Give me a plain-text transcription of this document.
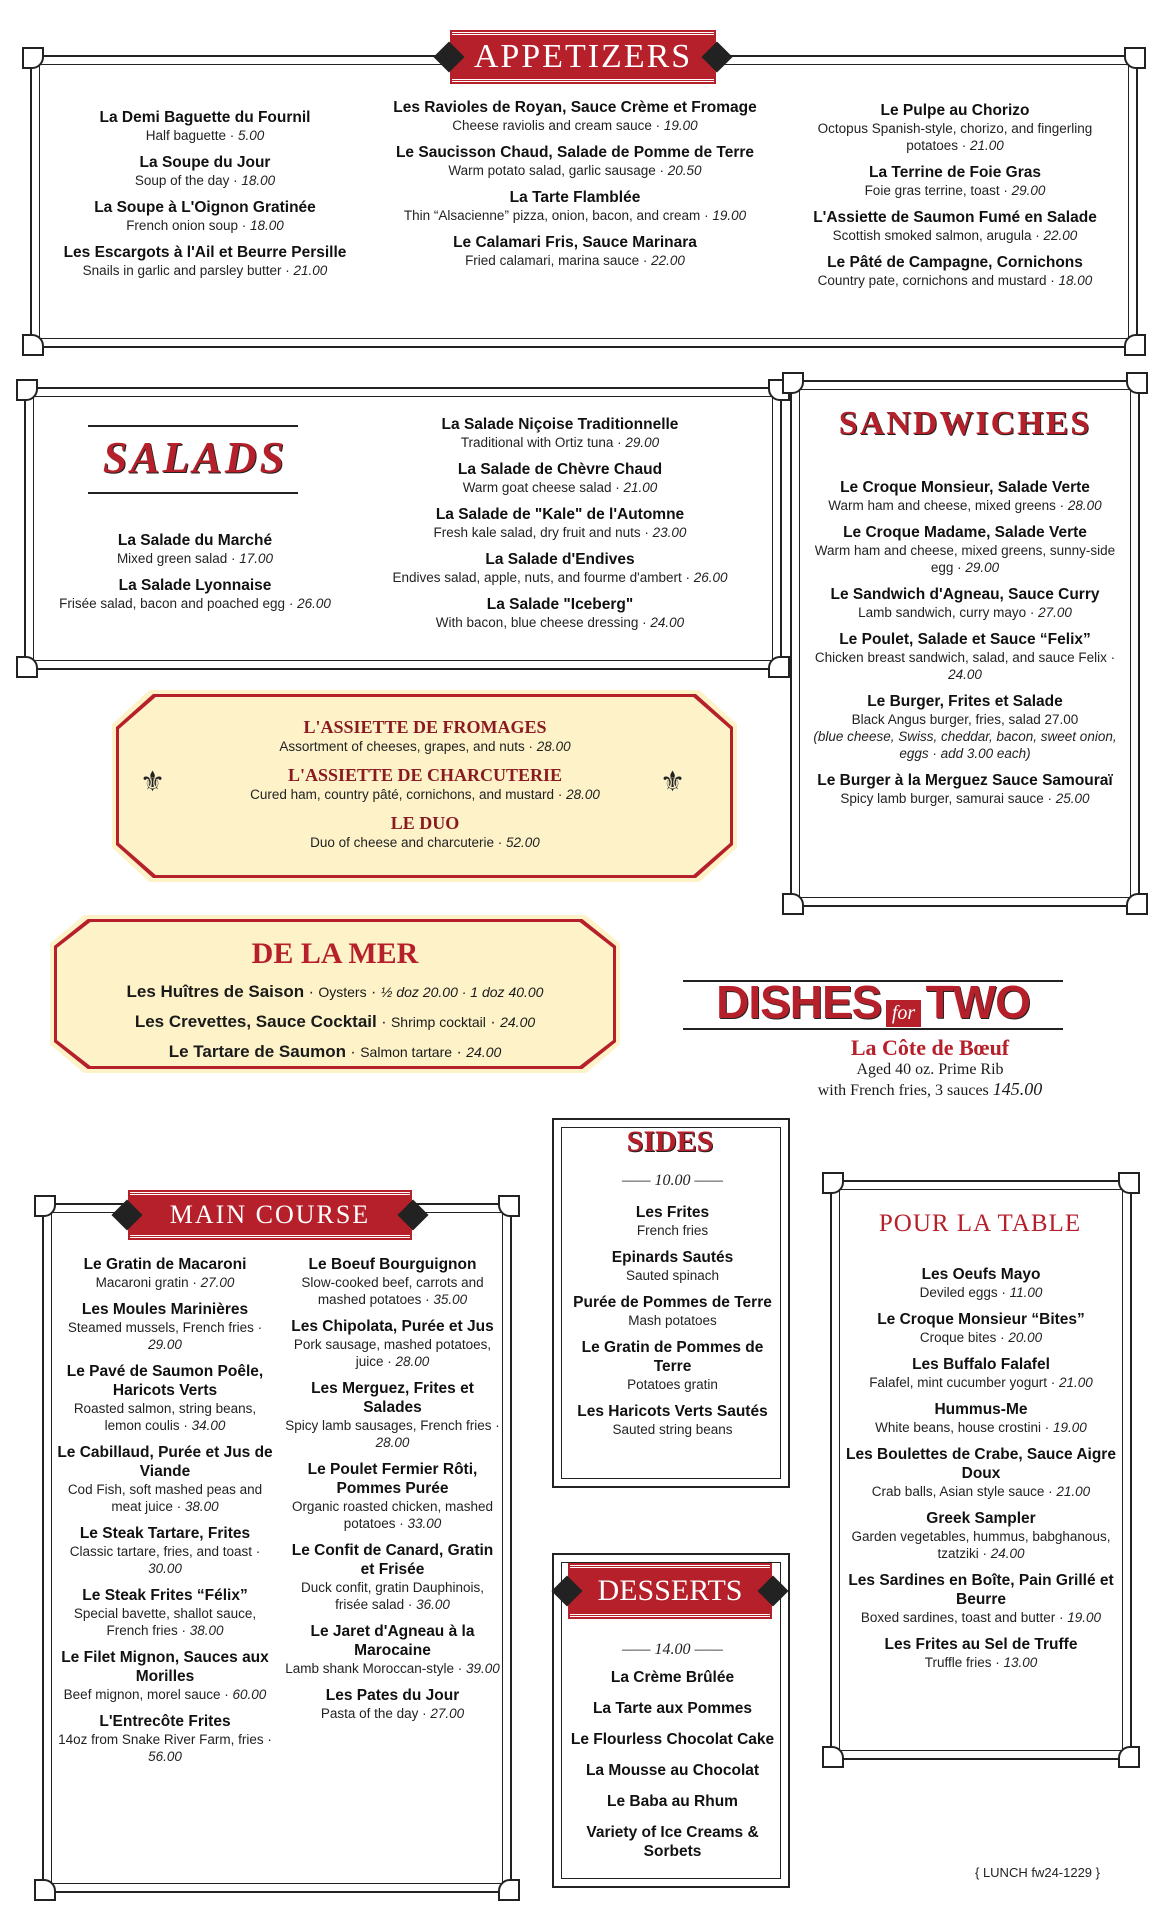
APPETIZERS
La Demi Baguette du Fournil
Half baguette · 5.00
La Soupe du Jour
Soup of the day · 18.00
La Soupe à L'Oignon Gratinée
French onion soup · 18.00
Les Escargots à l'Ail et Beurre Persille
Snails in garlic and parsley butter · 21.00
Les Ravioles de Royan, Sauce Crème et Fromage
Cheese raviolis and cream sauce · 19.00
Le Saucisson Chaud, Salade de Pomme de Terre
Warm potato salad, garlic sausage · 20.50
La Tarte Flamblée
Thin “Alsacienne” pizza, onion, bacon, and cream · 19.00
Le Calamari Fris, Sauce Marinara
Fried calamari, marina sauce · 22.00
Le Pulpe au Chorizo
Octopus Spanish-style, chorizo, and fingerling potatoes · 21.00
La Terrine de Foie Gras
Foie gras terrine, toast · 29.00
L'Assiette de Saumon Fumé en Salade
Scottish smoked salmon, arugula · 22.00
Le Pâté de Campagne, Cornichons
Country pate, cornichons and mustard · 18.00
SALADS
La Salade du Marché
Mixed green salad · 17.00
La Salade Lyonnaise
Frisée salad, bacon and poached egg · 26.00
La Salade Niçoise Traditionnelle
Traditional with Ortiz tuna · 29.00
La Salade de Chèvre Chaud
Warm goat cheese salad · 21.00
La Salade de "Kale" de l'Automne
Fresh kale salad, dry fruit and nuts · 23.00
La Salade d'Endives
Endives salad, apple, nuts, and fourme d'ambert · 26.00
La Salade "Iceberg"
With bacon, blue cheese dressing · 24.00
SANDWICHES
Le Croque Monsieur, Salade Verte
Warm ham and cheese, mixed greens · 28.00
Le Croque Madame, Salade Verte
Warm ham and cheese, mixed greens, sunny-side egg · 29.00
Le Sandwich d'Agneau, Sauce Curry
Lamb sandwich, curry mayo · 27.00
Le Poulet, Salade et Sauce “Felix”
Chicken breast sandwich, salad, and sauce Felix · 24.00
Le Burger, Frites et Salade
Black Angus burger, fries, salad 27.00
(blue cheese, Swiss, cheddar, bacon, sweet onion, eggs · add 3.00 each)
Le Burger à la Merguez Sauce Samouraï
Spicy lamb burger, samurai sauce · 25.00
⚜	⚜
L'ASSIETTE DE FROMAGES
Assortment of cheeses, grapes, and nuts · 28.00
L'ASSIETTE DE CHARCUTERIE
Cured ham, country pâté, cornichons, and mustard · 28.00
LE DUO
Duo of cheese and charcuterie · 52.00
DE LA MER
Les Huîtres de Saison · Oysters · ½ doz 20.00 · 1 doz 40.00
Les Crevettes, Sauce Cocktail · Shrimp cocktail · 24.00
Le Tartare de Saumon · Salmon tartare · 24.00
DISHES for TWO
La Côte de Bœuf
Aged 40 oz. Prime Rib
with French fries, 3 sauces 145.00
SIDES
—— 10.00 ——
Les Frites
French fries
Epinards Sautés
Sauted spinach
Purée de Pommes de Terre
Mash potatoes
Le Gratin de Pommes de Terre
Potatoes gratin
Les Haricots Verts Sautés
Sauted string beans
DESSERTS
—— 14.00 ——
La Crème Brûlée
La Tarte aux Pommes
Le Flourless Chocolat Cake
La Mousse au Chocolat
Le Baba au Rhum
Variety of Ice Creams & Sorbets
MAIN COURSE
Le Gratin de Macaroni
Macaroni gratin · 27.00
Les Moules Marinières
Steamed mussels, French fries · 29.00
Le Pavé de Saumon Poêle, Haricots Verts
Roasted salmon, string beans, lemon coulis · 34.00
Le Cabillaud, Purée et Jus de Viande
Cod Fish, soft mashed peas and meat juice · 38.00
Le Steak Tartare, Frites
Classic tartare, fries, and toast · 30.00
Le Steak Frites “Félix”
Special bavette, shallot sauce, French fries · 38.00
Le Filet Mignon, Sauces aux Morilles
Beef mignon, morel sauce · 60.00
L'Entrecôte Frites
14oz from Snake River Farm, fries · 56.00
Le Boeuf Bourguignon
Slow-cooked beef, carrots and mashed potatoes · 35.00
Les Chipolata, Purée et Jus
Pork sausage, mashed potatoes, juice · 28.00
Les Merguez, Frites et Salades
Spicy lamb sausages, French fries · 28.00
Le Poulet Fermier Rôti, Pommes Purée
Organic roasted chicken, mashed potatoes · 33.00
Le Confit de Canard, Gratin et Frisée
Duck confit, gratin Dauphinois, frisée salad · 36.00
Le Jaret d'Agneau à la Marocaine
Lamb shank Moroccan-style · 39.00
Les Pates du Jour
Pasta of the day · 27.00
POUR LA TABLE
Les Oeufs Mayo
Deviled eggs · 11.00
Le Croque Monsieur “Bites”
Croque bites · 20.00
Les Buffalo Falafel
Falafel, mint cucumber yogurt · 21.00
Hummus-Me
White beans, house crostini · 19.00
Les Boulettes de Crabe, Sauce Aigre Doux
Crab balls, Asian style sauce · 21.00
Greek Sampler
Garden vegetables, hummus, babghanous, tzatziki · 24.00
Les Sardines en Boîte, Pain Grillé et Beurre
Boxed sardines, toast and butter · 19.00
Les Frites au Sel de Truffe
Truffle fries · 13.00
{ LUNCH fw24-1229 }
